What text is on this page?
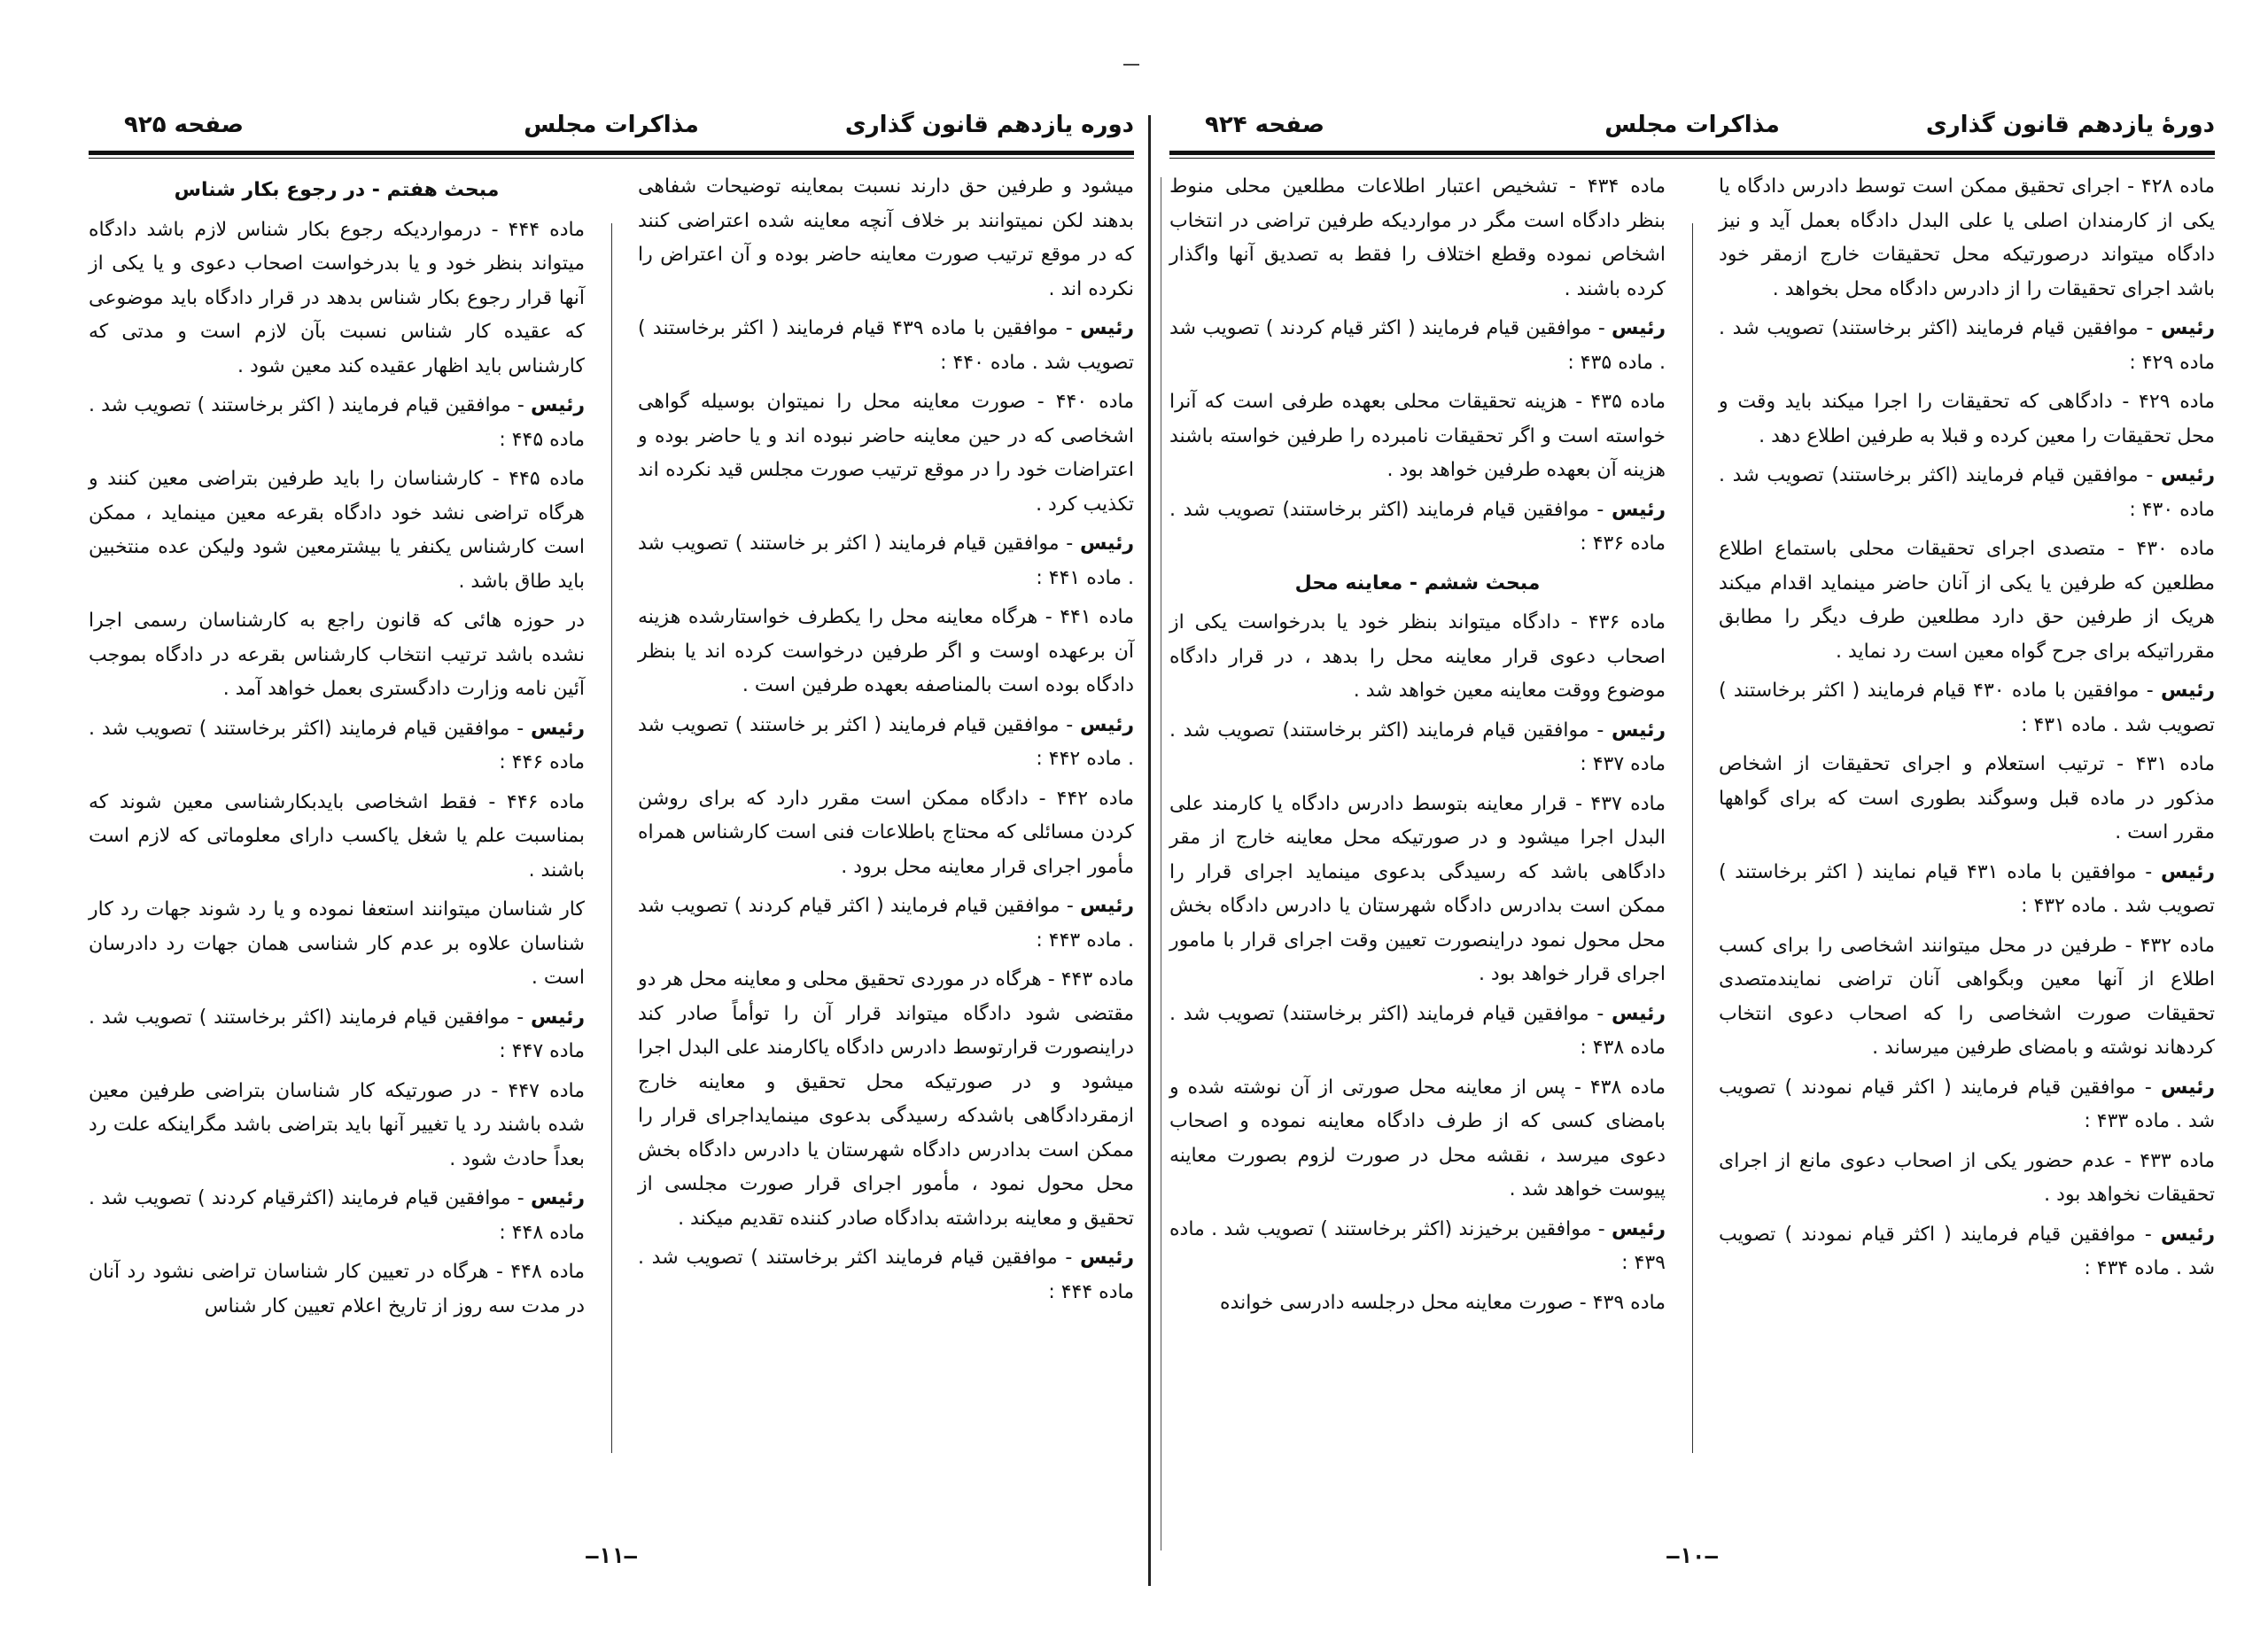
دورهٔ یازدهم قانون گذاری
مذاکرات مجلس
صفحه ۹۲۴

ماده ۴۲۸ - اجرای تحقیق ممکن است توسط دادرس دادگاه یا یکی از کارمندان اصلی یا علی البدل دادگاه بعمل آید و نیز دادگاه میتواند درصورتیکه محل تحقیقات خارج ازمقر خود باشد اجرای تحقیقات را از دادرس دادگاه محل بخواهد .

رئیس - موافقین قیام فرمایند (اکثر برخاستند) تصویب شد . ماده ۴۲۹ :

ماده ۴۲۹ - دادگاهی که تحقیقات را اجرا میکند باید وقت و محل تحقیقات را معین کرده و قبلا به طرفین اطلاع دهد .

رئیس - موافقین قیام فرمایند (اکثر برخاستند) تصویب شد . ماده ۴۳۰ :

ماده ۴۳۰ - متصدی اجرای تحقیقات محلی باستماع اطلاع مطلعین که طرفین یا یکی از آنان حاضر مینماید اقدام میکند هریک از طرفین حق دارد مطلعین طرف دیگر را مطابق مقرراتیکه برای جرح گواه معین است رد نماید .

رئیس - موافقین با ماده ۴۳۰ قیام فرمایند ( اکثر برخاستند ) تصویب شد . ماده ۴۳۱ :

ماده ۴۳۱ - ترتیب استعلام و اجرای تحقیقات از اشخاص مذکور در ماده قبل وسوگند بطوری است که برای گواهها مقرر است .

رئیس - موافقین با ماده ۴۳۱ قیام نمایند ( اکثر برخاستند ) تصویب شد . ماده ۴۳۲ :

ماده ۴۳۲ - طرفین در محل میتوانند اشخاصی را برای کسب اطلاع از آنها معین وبگواهی آنان تراضی نمایندمتصدی تحقیقات صورت اشخاصی را که اصحاب دعوی انتخاب کردهاند نوشته و بامضای طرفین میرساند .

رئیس - موافقین قیام فرمایند ( اکثر قیام نمودند ) تصویب شد . ماده ۴۳۳ :

ماده ۴۳۳ - عدم حضور یکی از اصحاب دعوی مانع از اجرای تحقیقات نخواهد بود .

رئیس - موافقین قیام فرمایند ( اکثر قیام نمودند ) تصویب شد . ماده ۴۳۴ :

ماده ۴۳۴ - تشخیص اعتبار اطلاعات مطلعین محلی منوط بنظر دادگاه است مگر در مواردیکه طرفین تراضی در انتخاب اشخاص نموده وقطع اختلاف را فقط به تصدیق آنها واگذار کرده باشند .

رئیس - موافقین قیام فرمایند ( اکثر قیام کردند ) تصویب شد . ماده ۴۳۵ :

ماده ۴۳۵ - هزینه تحقیقات محلی بعهده طرفی است که آنرا خواسته است و اگر تحقیقات نامبرده را طرفین خواسته باشند هزینه آن بعهده طرفین خواهد بود .

رئیس - موافقین قیام فرمایند (اکثر برخاستند) تصویب شد . ماده ۴۳۶ :

مبحث ششم - معاینه محل

ماده ۴۳۶ - دادگاه میتواند بنظر خود یا بدرخواست یکی از اصحاب دعوی قرار معاینه محل را بدهد ، در قرار دادگاه موضوع ووقت معاینه معین خواهد شد .

رئیس - موافقین قیام فرمایند (اکثر برخاستند) تصویب شد . ماده ۴۳۷ :

ماده ۴۳۷ - قرار معاینه بتوسط دادرس دادگاه یا کارمند علی البدل اجرا میشود و در صورتیکه محل معاینه خارج از مقر دادگاهی باشد که رسیدگی بدعوی مینماید اجرای قرار را ممکن است بدادرس دادگاه شهرستان یا دادرس دادگاه بخش محل محول نمود دراینصورت تعیین وقت اجرای قرار با مامور اجرای قرار خواهد بود .

رئیس - موافقین قیام فرمایند (اکثر برخاستند) تصویب شد . ماده ۴۳۸ :

ماده ۴۳۸ - پس از معاینه محل صورتی از آن نوشته شده و بامضای کسی که از طرف دادگاه معاینه نموده و اصحاب دعوی میرسد ، نقشه محل در صورت لزوم بصورت معاینه پیوست خواهد شد .

رئیس - موافقین برخیزند (اکثر برخاستند ) تصویب شد . ماده ۴۳۹ :

ماده ۴۳۹ - صورت معاینه محل درجلسه دادرسی خوانده

—۱۰—
دوره یازدهم قانون گذاری
مذاکرات مجلس
صفحه ۹۲۵

میشود و طرفین حق دارند نسبت بمعاینه توضیحات شفاهی بدهند لکن نمیتوانند بر خلاف آنچه معاینه شده اعتراضی کنند که در موقع ترتیب صورت معاینه حاضر بوده و آن اعتراض را نکرده اند .

رئیس - موافقین با ماده ۴۳۹ قیام فرمایند ( اکثر برخاستند ) تصویب شد . ماده ۴۴۰ :

ماده ۴۴۰ - صورت معاینه محل را نمیتوان بوسیله گواهی اشخاصی که در حین معاینه حاضر نبوده اند و یا حاضر بوده و اعتراضات خود را در موقع ترتیب صورت مجلس قید نکرده اند تکذیب کرد .

رئیس - موافقین قیام فرمایند ( اکثر بر خاستند ) تصویب شد . ماده ۴۴۱ :

ماده ۴۴۱ - هرگاه معاینه محل را یکطرف خواستارشده هزینه آن برعهده اوست و اگر طرفین درخواست کرده اند یا بنظر دادگاه بوده است بالمناصفه بعهده طرفین است .

رئیس - موافقین قیام فرمایند ( اکثر بر خاستند ) تصویب شد . ماده ۴۴۲ :

ماده ۴۴۲ - دادگاه ممکن است مقرر دارد که برای روشن کردن مسائلی که محتاج باطلاعات فنی است کارشناس همراه مأمور اجرای قرار معاینه محل برود .

رئیس - موافقین قیام فرمایند ( اکثر قیام کردند ) تصویب شد . ماده ۴۴۳ :

ماده ۴۴۳ - هرگاه در موردی تحقیق محلی و معاینه محل هر دو مقتضی شود دادگاه میتواند قرار آن را توأماً صادر کند دراینصورت قرارتوسط دادرس دادگاه یاکارمند علی البدل اجرا میشود و در صورتیکه محل تحقیق و معاینه خارج ازمقردادگاهی باشدکه رسیدگی بدعوی مینمایداجرای قرار را ممکن است بدادرس دادگاه شهرستان یا دادرس دادگاه بخش محل محول نمود ، مأمور اجرای قرار صورت مجلسی از تحقیق و معاینه برداشته بدادگاه صادر کننده تقدیم میکند .

رئیس - موافقین قیام فرمایند اکثر برخاستند ) تصویب شد . ماده ۴۴۴ :

مبحث هفتم - در رجوع بکار شناس

ماده ۴۴۴ - درمواردیکه رجوع بکار شناس لازم باشد دادگاه میتواند بنظر خود و یا بدرخواست اصحاب دعوی و یا یکی از آنها قرار رجوع بکار شناس بدهد در قرار دادگاه باید موضوعی که عقیده کار شناس نسبت بآن لازم است و مدتی که کارشناس باید اظهار عقیده کند معین شود .

رئیس - موافقین قیام فرمایند ( اکثر برخاستند ) تصویب شد . ماده ۴۴۵ :

ماده ۴۴۵ - کارشناسان را باید طرفین بتراضی معین کنند و هرگاه تراضی نشد خود دادگاه بقرعه معین مینماید ، ممکن است کارشناس یکنفر یا بیشترمعین شود ولیکن عده منتخبین باید طاق باشد .

در حوزه هائی که قانون راجع به کارشناسان رسمی اجرا نشده باشد ترتیب انتخاب کارشناس بقرعه در دادگاه بموجب آئین نامه وزارت دادگستری بعمل خواهد آمد .

رئیس - موافقین قیام فرمایند (اکثر برخاستند ) تصویب شد . ماده ۴۴۶ :

ماده ۴۴۶ - فقط اشخاصی بایدبکارشناسی معین شوند که بمناسبت علم یا شغل یاکسب دارای معلوماتی که لازم است باشند .

کار شناسان میتوانند استعفا نموده و یا رد شوند جهات رد کار شناسان علاوه بر عدم کار شناسی همان جهات رد دادرسان است .

رئیس - موافقین قیام فرمایند (اکثر برخاستند ) تصویب شد . ماده ۴۴۷ :

ماده ۴۴۷ - در صورتیکه کار شناسان بتراضی طرفین معین شده باشند رد یا تغییر آنها باید بتراضی باشد مگراینکه علت رد بعداً حادث شود .

رئیس - موافقین قیام فرمایند (اکثرقیام کردند ) تصویب شد . ماده ۴۴۸ :

ماده ۴۴۸ - هرگاه در تعیین کار شناسان تراضی نشود رد آنان در مدت سه روز از تاریخ اعلام تعیین کار شناس

—۱۱—
